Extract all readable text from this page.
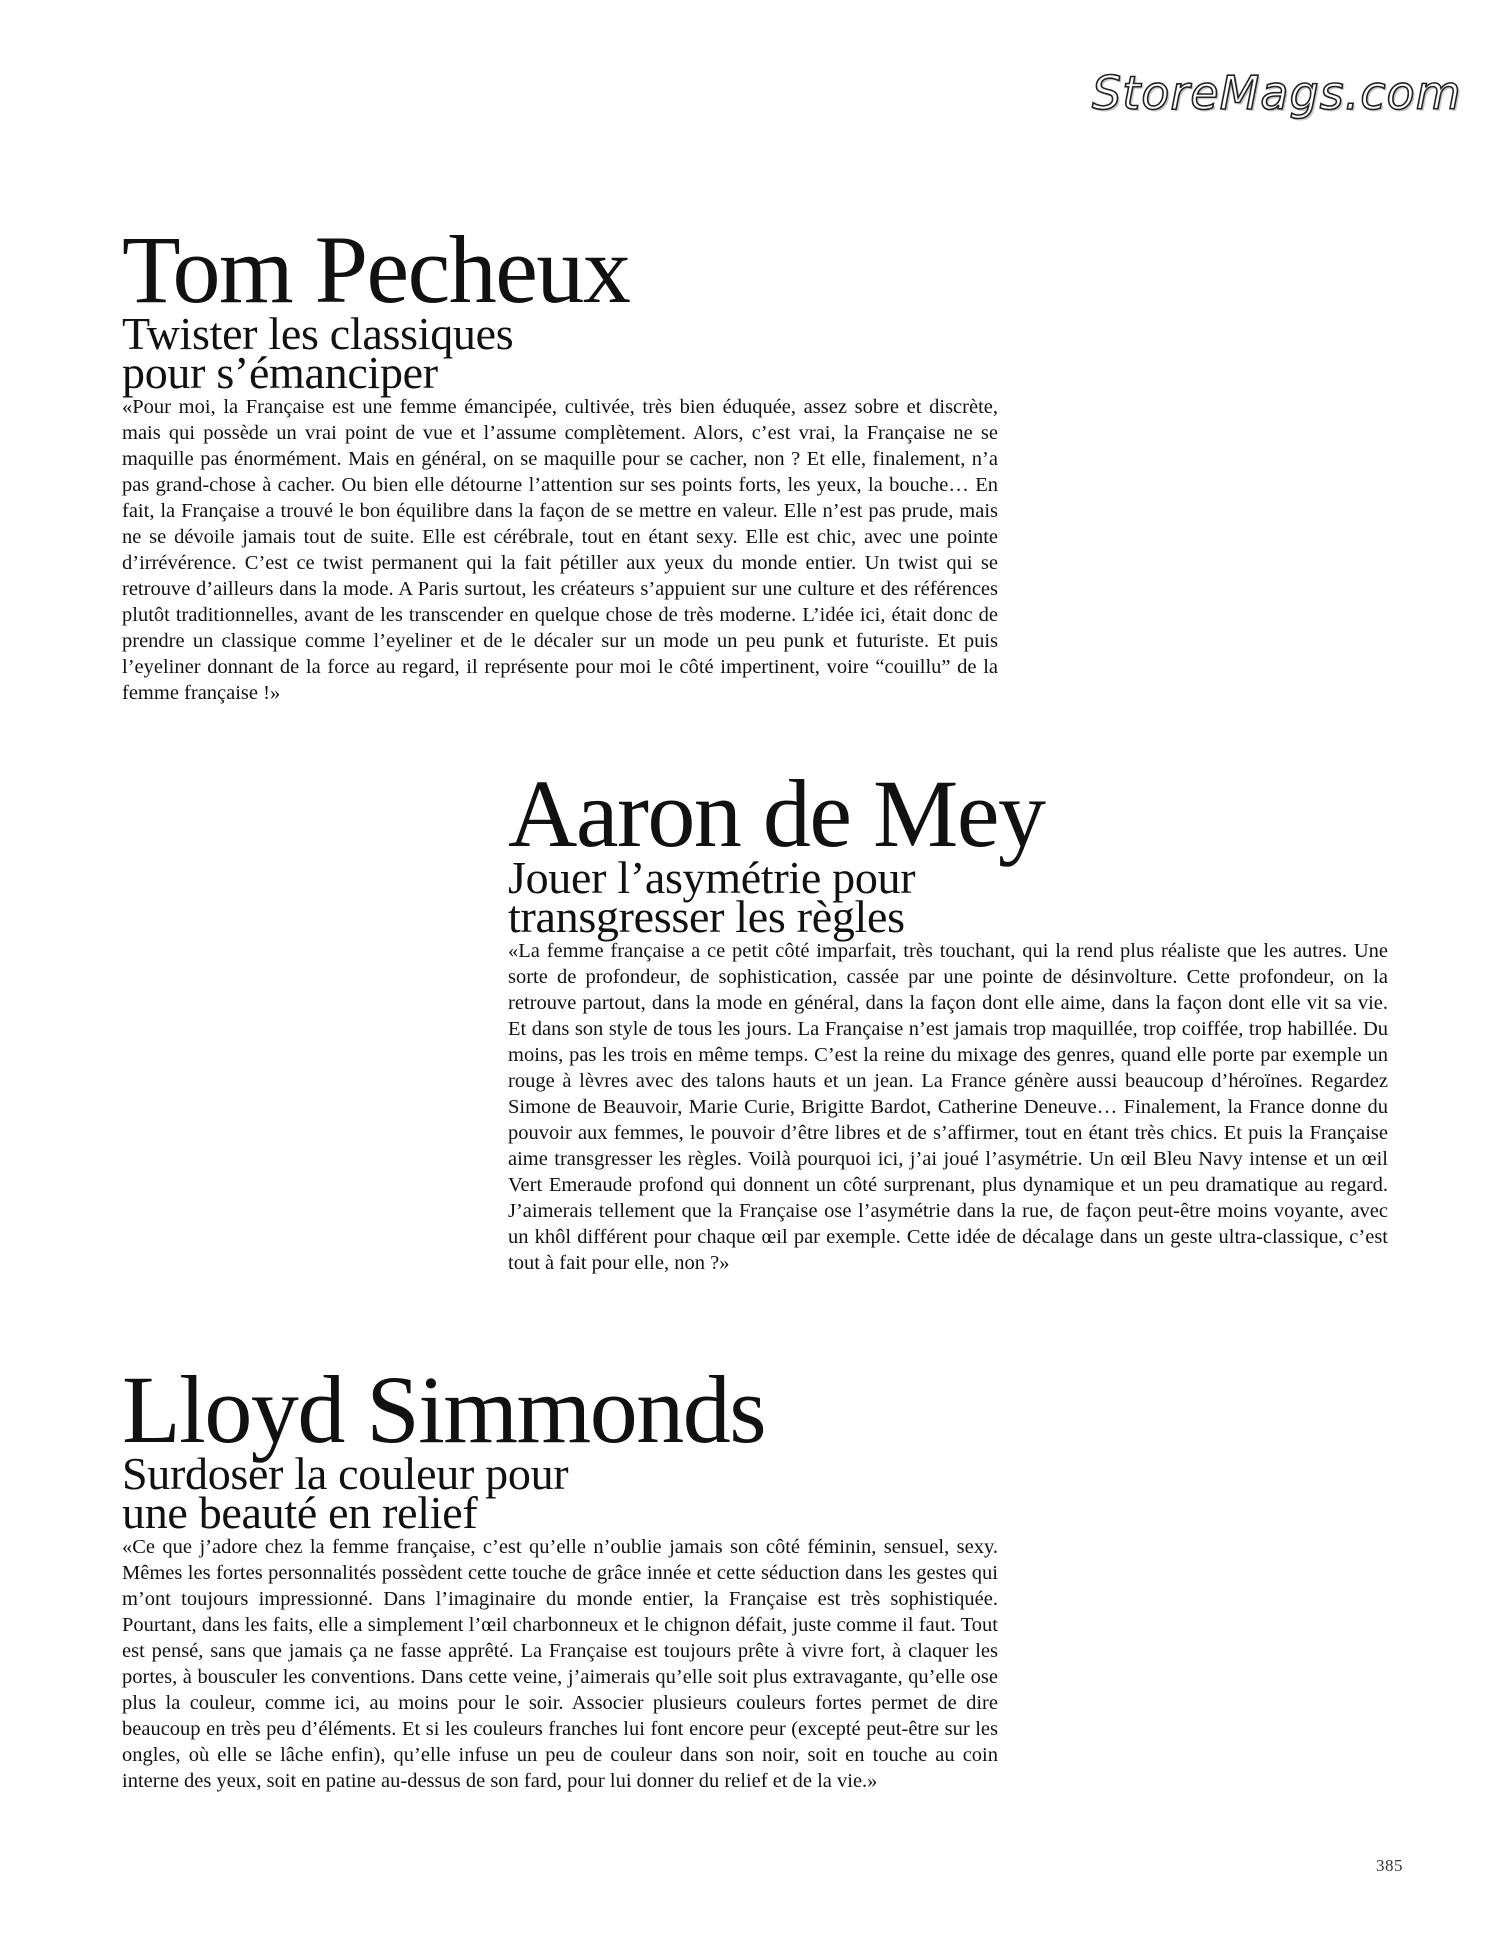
StoreMags.com
Tom Pecheux
Twister les classiques
pour s’émanciper

«Pour moi, la Française est une femme émancipée, cultivée, très bien éduquée, assez sobre et discrète, mais qui possède un vrai point de vue et l’assume complètement. Alors, c’est vrai, la Française ne se maquille pas énormément. Mais en général, on se maquille pour se cacher, non ? Et elle, finalement, n’a pas grand-chose à cacher. Ou bien elle détourne l’attention sur ses points forts, les yeux, la bouche… En fait, la Française a trouvé le bon équilibre dans la façon de se mettre en valeur. Elle n’est pas prude, mais ne se dévoile jamais tout de suite. Elle est cérébrale, tout en étant sexy. Elle est chic, avec une pointe d’irrévérence. C’est ce twist permanent qui la fait pétiller aux yeux du monde entier. Un twist qui se retrouve d’ailleurs dans la mode. A Paris surtout, les créateurs s’appuient sur une culture et des références plutôt traditionnelles, avant de les transcender en quelque chose de très moderne. L’idée ici, était donc de prendre un classique comme l’eyeliner et de le décaler sur un mode un peu punk et futuriste. Et puis l’eyeliner donnant de la force au regard, il représente pour moi le côté impertinent, voire “couillu” de la femme française !»

Aaron de Mey
Jouer l’asymétrie pour
transgresser les règles

«La femme française a ce petit côté imparfait, très touchant, qui la rend plus réaliste que les autres. Une sorte de profondeur, de sophistication, cassée par une pointe de désinvolture. Cette profondeur, on la retrouve partout, dans la mode en général, dans la façon dont elle aime, dans la façon dont elle vit sa vie. Et dans son style de tous les jours. La Française n’est jamais trop maquillée, trop coiffée, trop habillée. Du moins, pas les trois en même temps. C’est la reine du mixage des genres, quand elle porte par exemple un rouge à lèvres avec des talons hauts et un jean. La France génère aussi beaucoup d’héroïnes. Regardez Simone de Beauvoir, Marie Curie, Brigitte Bardot, Catherine Deneuve… Finalement, la France donne du pouvoir aux femmes, le pouvoir d’être libres et de s’affirmer, tout en étant très chics. Et puis la Française aime transgresser les règles. Voilà pourquoi ici, j’ai joué l’asymétrie. Un œil Bleu Navy intense et un œil Vert Emeraude profond qui donnent un côté surprenant, plus dynamique et un peu dramatique au regard. J’aimerais tellement que la Française ose l’asymétrie dans la rue, de façon peut-être moins voyante, avec un khôl différent pour chaque œil par exemple. Cette idée de décalage dans un geste ultra-classique, c’est tout à fait pour elle, non ?»

Lloyd Simmonds
Surdoser la couleur pour
une beauté en relief

«Ce que j’adore chez la femme française, c’est qu’elle n’oublie jamais son côté féminin, sensuel, sexy. Mêmes les fortes personnalités possèdent cette touche de grâce innée et cette séduction dans les gestes qui m’ont toujours impressionné. Dans l’imaginaire du monde entier, la Française est très sophistiquée. Pourtant, dans les faits, elle a simplement l’œil charbonneux et le chignon défait, juste comme il faut. Tout est pensé, sans que jamais ça ne fasse apprêté. La Française est toujours prête à vivre fort, à claquer les portes, à bousculer les conventions. Dans cette veine, j’aimerais qu’elle soit plus extravagante, qu’elle ose plus la couleur, comme ici, au moins pour le soir. Associer plusieurs couleurs fortes permet de dire beaucoup en très peu d’éléments. Et si les couleurs franches lui font encore peur (excepté peut-être sur les ongles, où elle se lâche enfin), qu’elle infuse un peu de couleur dans son noir, soit en touche au coin interne des yeux, soit en patine au-dessus de son fard, pour lui donner du relief et de la vie.»

385
